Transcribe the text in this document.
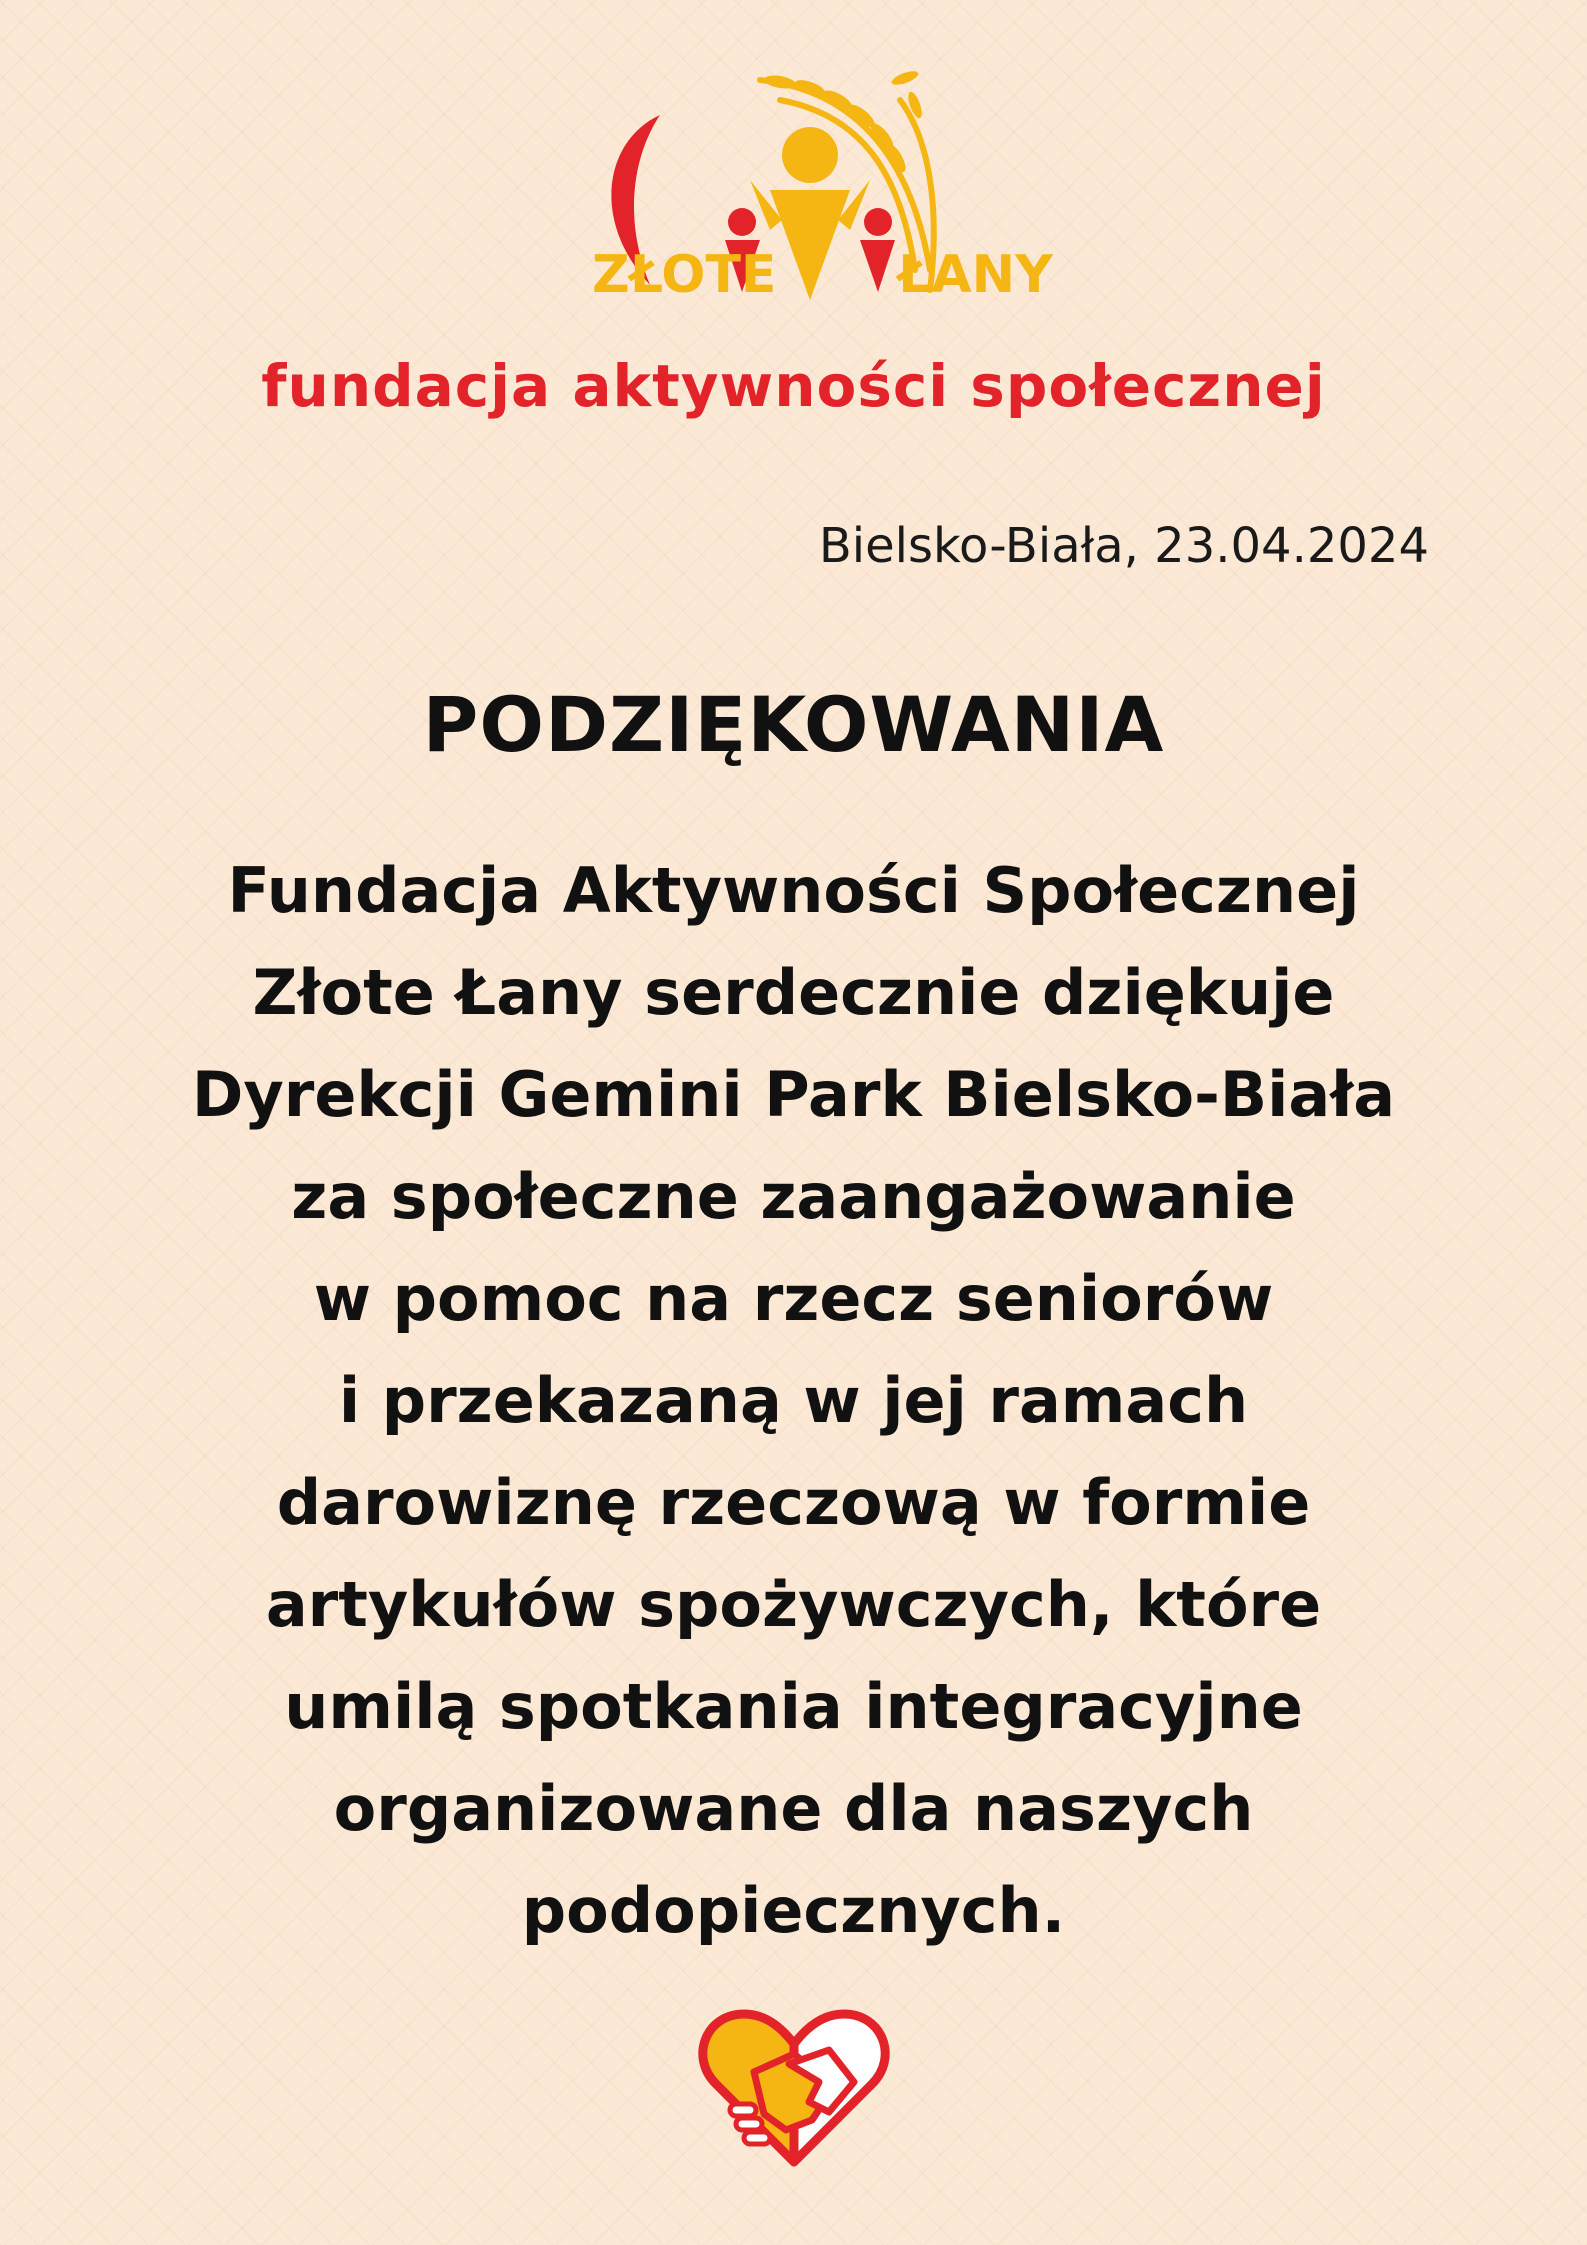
ZŁOTE ŁANY
fundacja aktywności społecznej
Bielsko-Biała, 23.04.2024
PODZIĘKOWANIA
Fundacja Aktywności Społecznej
Złote Łany serdecznie dziękuje
Dyrekcji Gemini Park Bielsko-Biała
za społeczne zaangażowanie
w pomoc na rzecz seniorów
i przekazaną w jej ramach
darowiznę rzeczową w formie
artykułów spożywczych, które
umilą spotkania integracyjne
organizowane dla naszych
podopiecznych.
